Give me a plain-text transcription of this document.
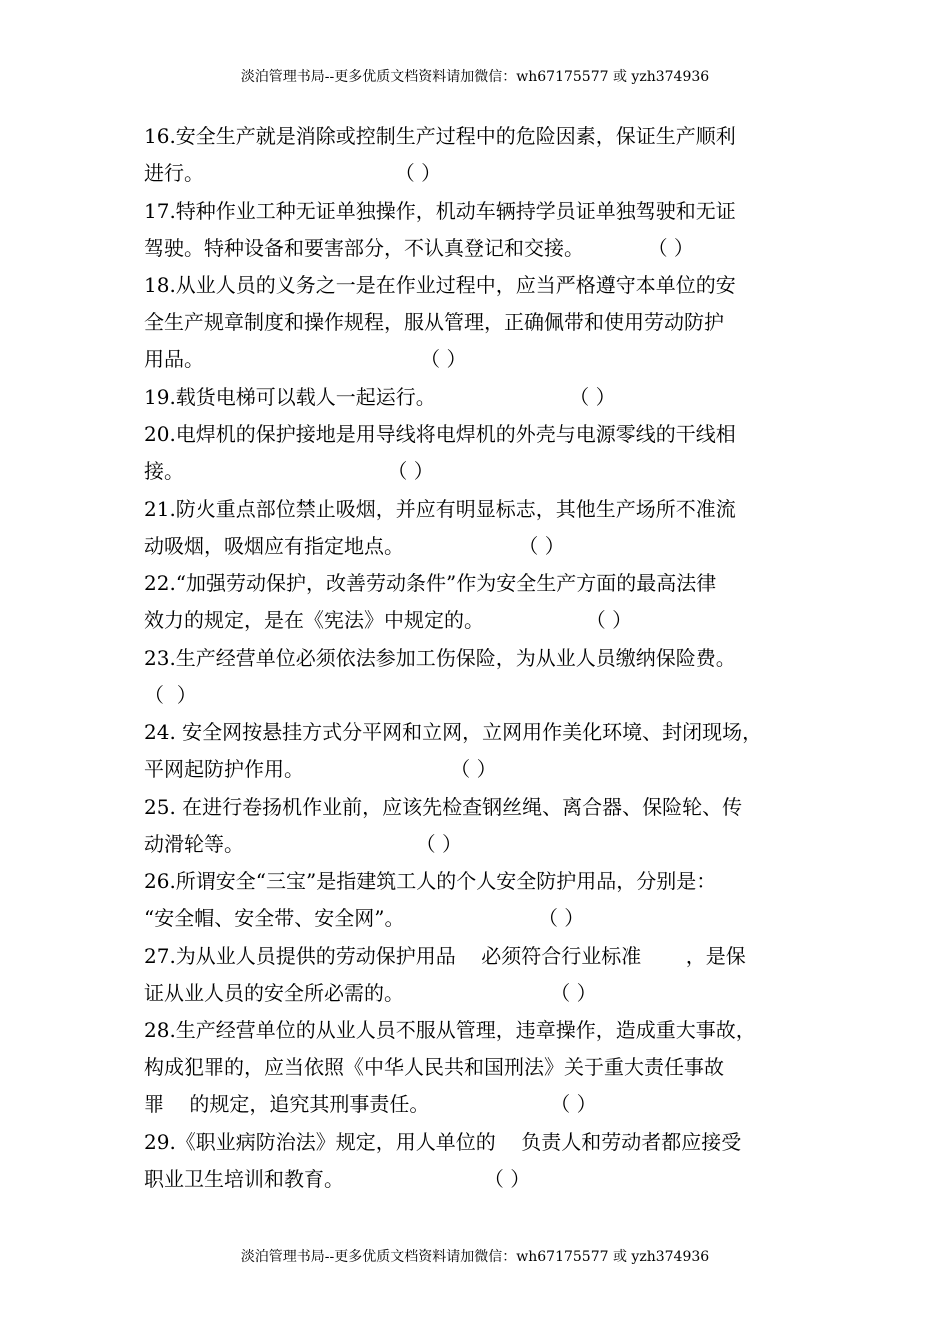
淡泊管理书局--更多优质文档资料请加微信：wh67175577 或 yzh374936
16.安全生产就是消除或控制生产过程中的危险因素，保证生产顺利
进行。                              （ ）
17.特种作业工种无证单独操作，机动车辆持学员证单独驾驶和无证
驾驶。特种设备和要害部分，不认真登记和交接。          （ ）
18.从业人员的义务之一是在作业过程中，应当严格遵守本单位的安
全生产规章制度和操作规程，服从管理，正确佩带和使用劳动防护
用品。                                  （ ）
19.载货电梯可以载人一起运行。                     （ ）
20.电焊机的保护接地是用导线将电焊机的外壳与电源零线的干线相
接。                                （ ）
21.防火重点部位禁止吸烟，并应有明显标志，其他生产场所不准流
动吸烟，吸烟应有指定地点。                  （ ）
22.“加强劳动保护，改善劳动条件”作为安全生产方面的最高法律
效力的规定，是在《宪法》中规定的。                （ ）
23.生产经营单位必须依法参加工伤保险，为从业人员缴纳保险费。
（  ）
24. 安全网按悬挂方式分平网和立网，立网用作美化环境、封闭现场，
平网起防护作用。                       （ ）
25. 在进行卷扬机作业前，应该先检查钢丝绳、离合器、保险轮、传
动滑轮等。                           （ ）
26.所谓安全“三宝”是指建筑工人的个人安全防护用品，分别是：
“安全帽、安全带、安全网”。                     （ ）
27.为从业人员提供的劳动保护用品    必须符合行业标准       ，是保
证从业人员的安全所必需的。                       （ ）
28.生产经营单位的从业人员不服从管理，违章操作，造成重大事故，
构成犯罪的，应当依照《中华人民共和国刑法》关于重大责任事故
罪    的规定，追究其刑事责任。                   （ ）
29.《职业病防治法》规定，用人单位的    负责人和劳动者都应接受
职业卫生培训和教育。                      （ ）
淡泊管理书局--更多优质文档资料请加微信：wh67175577 或 yzh374936
